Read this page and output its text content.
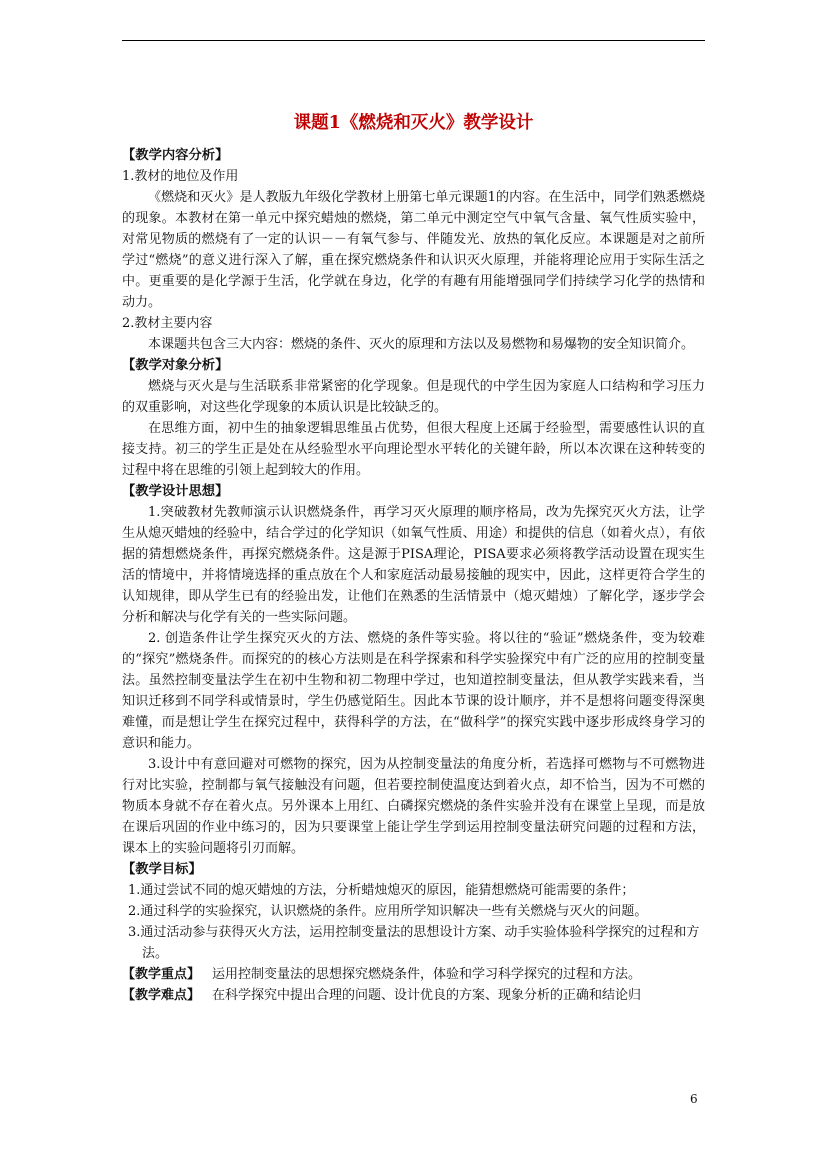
课题1《燃烧和灭火》教学设计
【教学内容分析】
1.教材的地位及作用
《燃烧和灭火》是人教版九年级化学教材上册第七单元课题1的内容。在生活中，同学们熟悉燃烧的现象。本教材在第一单元中探究蜡烛的燃烧，第二单元中测定空气中氧气含量、氧气性质实验中，对常见物质的燃烧有了一定的认识－－有氧气参与、伴随发光、放热的氧化反应。本课题是对之前所学过“燃烧”的意义进行深入了解，重在探究燃烧条件和认识灭火原理，并能将理论应用于实际生活之中。更重要的是化学源于生活，化学就在身边，化学的有趣有用能增强同学们持续学习化学的热情和动力。
2.教材主要内容
本课题共包含三大内容：燃烧的条件、灭火的原理和方法以及易燃物和易爆物的安全知识简介。
【教学对象分析】
燃烧与灭火是与生活联系非常紧密的化学现象。但是现代的中学生因为家庭人口结构和学习压力的双重影响，对这些化学现象的本质认识是比较缺乏的。
在思维方面，初中生的抽象逻辑思维虽占优势，但很大程度上还属于经验型，需要感性认识的直接支持。初三的学生正是处在从经验型水平向理论型水平转化的关键年龄，所以本次课在这种转变的过程中将在思维的引领上起到较大的作用。
【教学设计思想】
1.突破教材先教师演示认识燃烧条件，再学习灭火原理的顺序格局，改为先探究灭火方法，让学生从熄灭蜡烛的经验中，结合学过的化学知识（如氧气性质、用途）和提供的信息（如着火点），有依据的猜想燃烧条件，再探究燃烧条件。这是源于PISA理论，PISA要求必须将教学活动设置在现实生活的情境中，并将情境选择的重点放在个人和家庭活动最易接触的现实中，因此，这样更符合学生的认知规律，即从学生已有的经验出发，让他们在熟悉的生活情景中（熄灭蜡烛）了解化学，逐步学会分析和解决与化学有关的一些实际问题。
2. 创造条件让学生探究灭火的方法、燃烧的条件等实验。将以往的“验证”燃烧条件，变为较难的“探究”燃烧条件。而探究的的核心方法则是在科学探索和科学实验探究中有广泛的应用的控制变量法。虽然控制变量法学生在初中生物和初二物理中学过，也知道控制变量法，但从教学实践来看，当知识迁移到不同学科或情景时，学生仍感觉陌生。因此本节课的设计顺序，并不是想将问题变得深奥难懂，而是想让学生在探究过程中，获得科学的方法，在“做科学”的探究实践中逐步形成终身学习的意识和能力。
3.设计中有意回避对可燃物的探究，因为从控制变量法的角度分析，若选择可燃物与不可燃物进行对比实验，控制都与氧气接触没有问题，但若要控制使温度达到着火点，却不恰当，因为不可燃的物质本身就不存在着火点。另外课本上用红、白磷探究燃烧的条件实验并没有在课堂上呈现，而是放在课后巩固的作业中练习的，因为只要课堂上能让学生学到运用控制变量法研究问题的过程和方法，课本上的实验问题将引刃而解。
【教学目标】
1.通过尝试不同的熄灭蜡烛的方法，分析蜡烛熄灭的原因，能猜想燃烧可能需要的条件；
2.通过科学的实验探究，认识燃烧的条件。应用所学知识解决一些有关燃烧与灭火的问题。
3.通过活动参与获得灭火方法，运用控制变量法的思想设计方案、动手实验体验科学探究的过程和方法。
【教学重点】 运用控制变量法的思想探究燃烧条件，体验和学习科学探究的过程和方法。
【教学难点】 在科学探究中提出合理的问题、设计优良的方案、现象分析的正确和结论归
6
